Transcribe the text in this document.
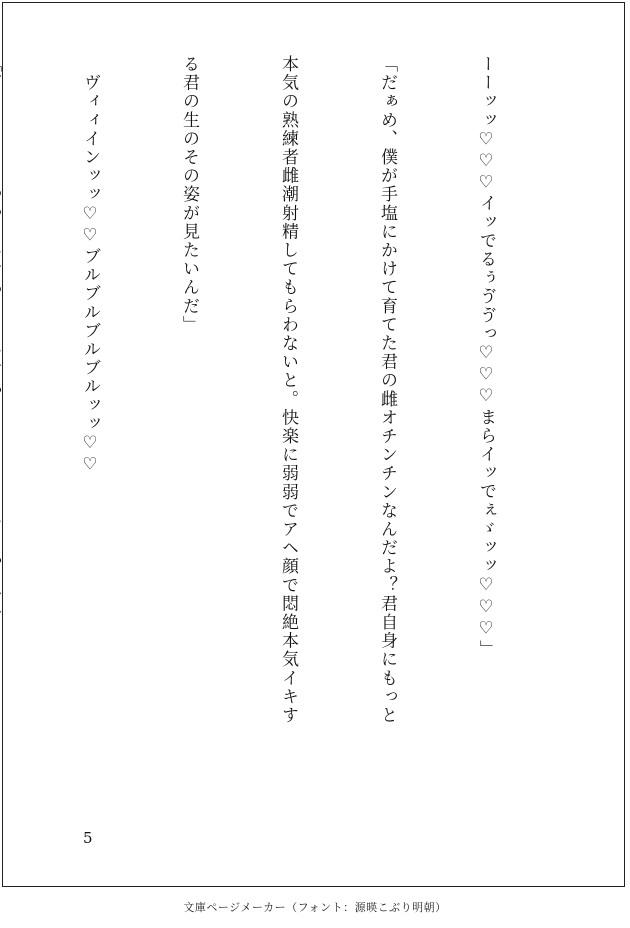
ーーッッ♡♡♡イッでるぅゔゔっ♡♡♡まらイッでぇゞッッ♡♡♡」

「だぁめ、僕が手塩にかけて育てた君の雌オチンチンなんだよ？君自身にもっと

本気の熟練者雌潮射精してもらわないと。快楽に弱弱でアヘ顔で悶絶本気イキす

る君の生のその姿が見たいんだ」

　ヴィィインッッ♡♡ブルブルブルブルッッ♡♡

5
文庫ページメーカー（フォント：源暎こぶり明朝）
